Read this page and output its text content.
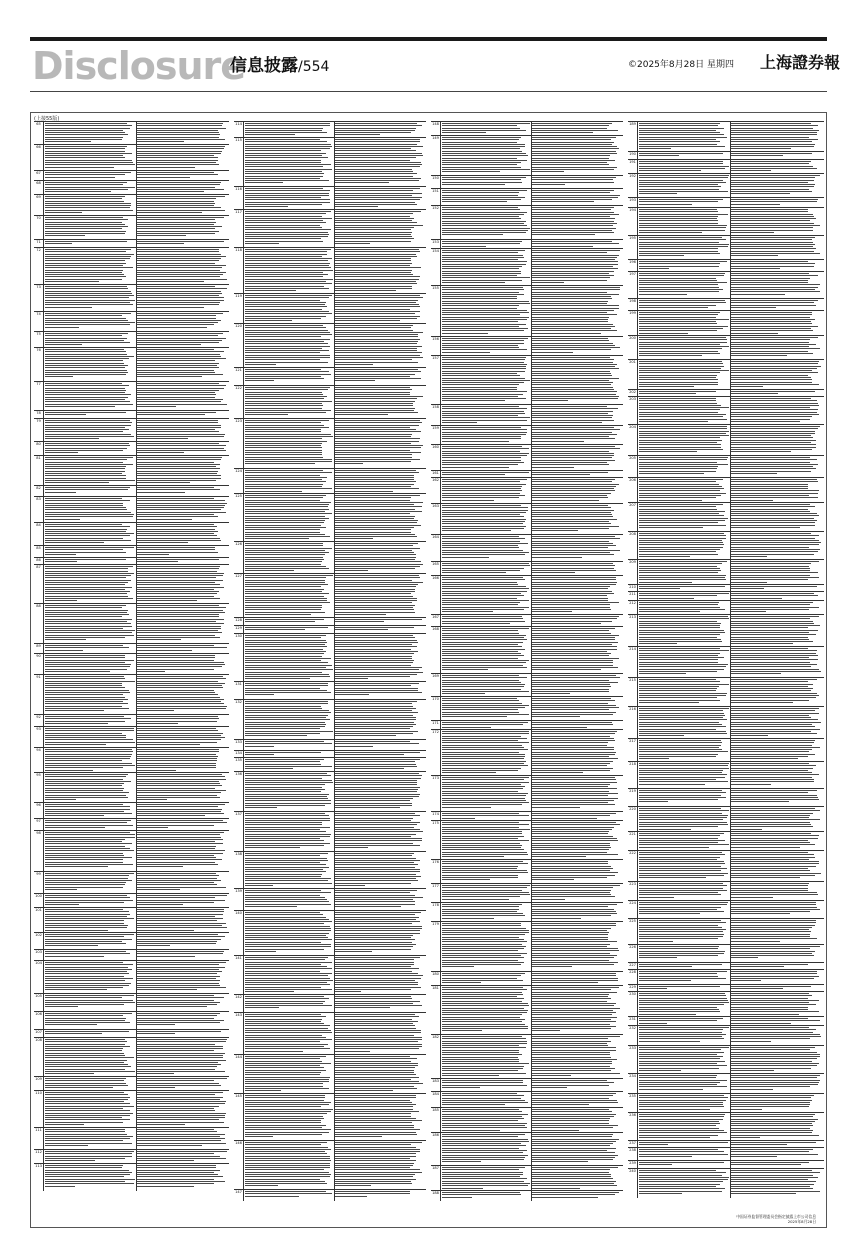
Disclosure
信息披露/554	©2025年8月28日 星期四 上海證券報
(上接55版)
65
66
67
68
69
70
71
72
73
74
75
76
77
78
79
80
81
82
83
84
85
86
87
88
89
90
91
92
93
94
95
96
97
98
99
100
101
102
103
104
105
106
107
108
109
110
111
112
113
114
115
116
117
118
119
120
121
122
123
124
125
126
127
128
129
130
131
132
133
134
135
136
137
138
139
140
141
142
143
144
145
146
147
148
149
150
151
152
153
154
155
156
157
158
159
160
161
162
163
164
165
166
167
168
169
170
171
172
173
174
175
176
177
178
179
180
181
182
183
184
185
186
187
188
189
190
191
192
193
194
195
196
197
198
199
200
201
202
203
204
205
206
207
208
209
210
211
212
213
214
215
216
217
218
219
220
221
222
223
224
225
226
227
228
229
230
231
232
233
234
235
236
237
238
239
240
中国证券监督管理委员会指定披露上市公司信息
2025年8月28日
